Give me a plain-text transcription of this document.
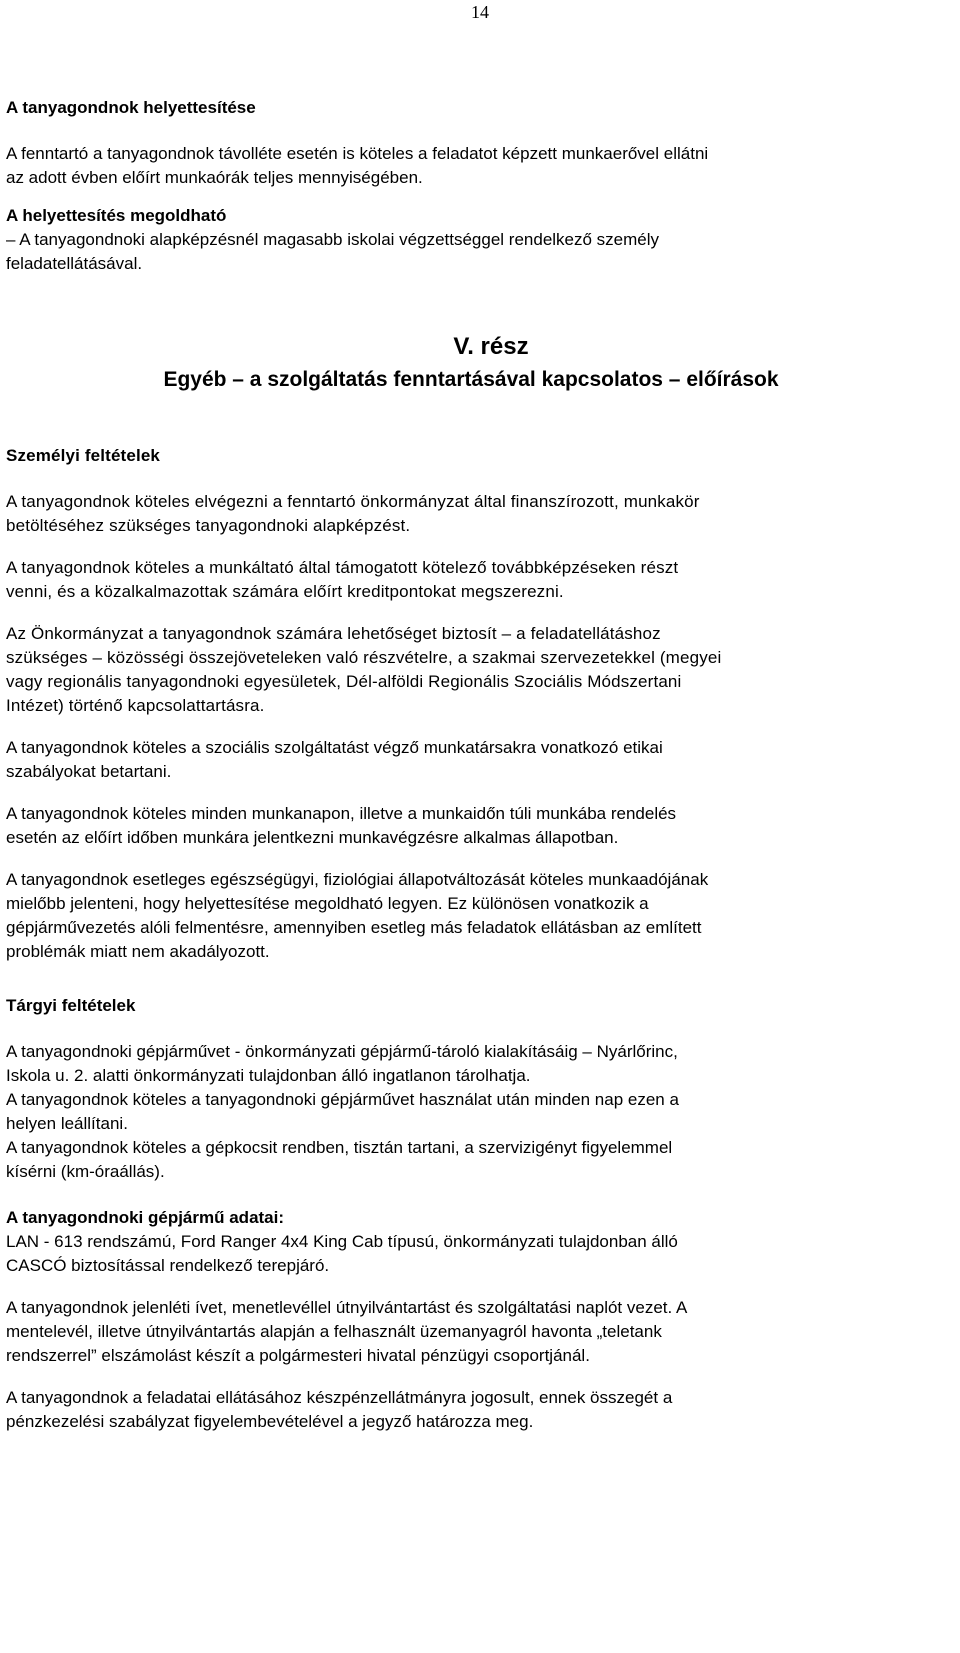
14

A tanyagondnok helyettesítése

A fenntartó a tanyagondnok távolléte esetén is köteles a feladatot képzett munkaerővel ellátni

az adott évben előírt munkaórák teljes mennyiségében.

A helyettesítés megoldható

– A tanyagondnoki alapképzésnél magasabb iskolai végzettséggel rendelkező személy

feladatellátásával.

V. rész

Egyéb – a szolgáltatás fenntartásával kapcsolatos – előírások

Személyi feltételek

A tanyagondnok köteles elvégezni a fenntartó önkormányzat által finanszírozott, munkakör

betöltéséhez szükséges tanyagondnoki alapképzést.

A tanyagondnok köteles a munkáltató által támogatott kötelező továbbképzéseken részt

venni, és a közalkalmazottak számára előírt kreditpontokat megszerezni.

Az Önkormányzat a tanyagondnok számára lehetőséget biztosít – a feladatellátáshoz

szükséges – közösségi összejöveteleken való részvételre, a szakmai szervezetekkel (megyei

vagy regionális tanyagondnoki egyesületek, Dél-alföldi Regionális Szociális Módszertani

Intézet) történő kapcsolattartásra.

A tanyagondnok köteles a szociális szolgáltatást végző munkatársakra vonatkozó etikai

szabályokat betartani.

A tanyagondnok köteles minden munkanapon, illetve a munkaidőn túli munkába rendelés

esetén az előírt időben munkára jelentkezni munkavégzésre alkalmas állapotban.

A tanyagondnok esetleges egészségügyi, fiziológiai állapotváltozását köteles munkaadójának

mielőbb jelenteni, hogy helyettesítése megoldható legyen. Ez különösen vonatkozik a

gépjárművezetés alóli felmentésre, amennyiben esetleg más feladatok ellátásban az említett

problémák miatt nem akadályozott.

Tárgyi feltételek

A tanyagondnoki gépjárművet - önkormányzati gépjármű-tároló kialakításáig – Nyárlőrinc,

Iskola u. 2. alatti önkormányzati tulajdonban álló ingatlanon tárolhatja.

A tanyagondnok köteles a tanyagondnoki gépjárművet használat után minden nap ezen a

helyen leállítani.

A tanyagondnok köteles a gépkocsit rendben, tisztán tartani, a szervizigényt figyelemmel

kísérni (km-óraállás).

A tanyagondnoki gépjármű adatai:

LAN - 613 rendszámú, Ford Ranger 4x4 King Cab típusú, önkormányzati tulajdonban álló

CASCÓ biztosítással rendelkező terepjáró.

A tanyagondnok jelenléti ívet, menetlevéllel útnyilvántartást és szolgáltatási naplót vezet. A

mentelevél, illetve útnyilvántartás alapján a felhasznált üzemanyagról havonta „teletank

rendszerrel” elszámolást készít a polgármesteri hivatal pénzügyi csoportjánál.

A tanyagondnok a feladatai ellátásához készpénzellátmányra jogosult, ennek összegét a

pénzkezelési szabályzat figyelembevételével a jegyző határozza meg.
